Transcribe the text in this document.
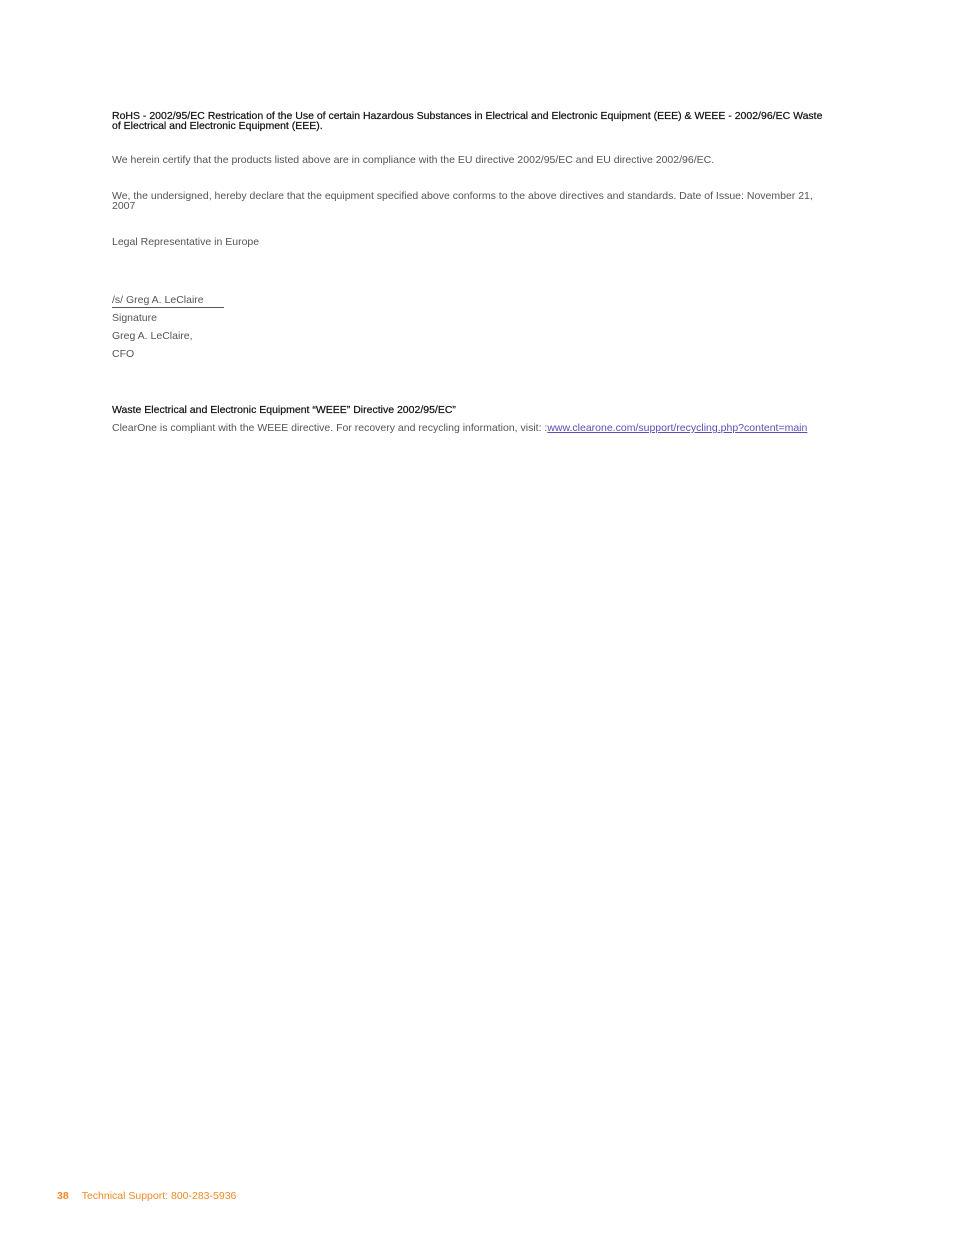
RoHS - 2002/95/EC Restrication of the Use of certain Hazardous Substances in Electrical and Electronic Equipment (EEE) & WEEE - 2002/96/EC Waste of Electrical and Electronic Equipment (EEE).

We herein certify that the products listed above are in compliance with the EU directive 2002/95/EC and EU directive 2002/96/EC.

We, the undersigned, hereby declare that the equipment specified above conforms to the above directives and standards. Date of Issue: November 21, 2007

Legal Representative in Europe

/s/ Greg A. LeClaire
Signature
Greg A. LeClaire,
CFO

Waste Electrical and Electronic Equipment “WEEE” Directive 2002/95/EC”

ClearOne is compliant with the WEEE directive. For recovery and recycling information, visit: :www.clearone.com/support/recycling.php?content=main
38 Technical Support: 800-283-5936
